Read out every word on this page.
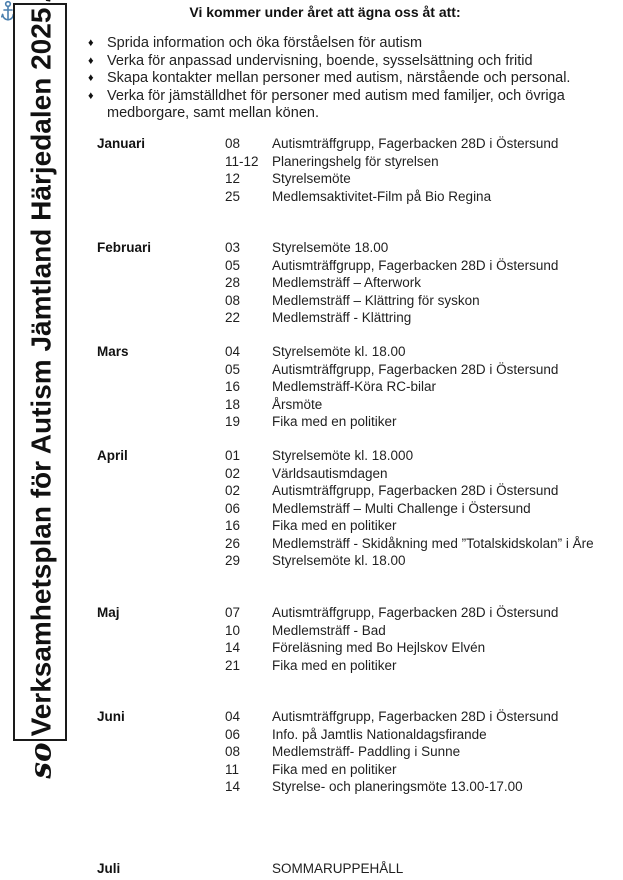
soVerksamhetsplan för Autism Jämtland Härjedalen 2025	Vi kommer under året att ägna oss åt att:
♦ Sprida information och öka förståelsen för autism
♦ Verka för anpassad undervisning, boende, sysselsättning och fritid
♦ Skapa kontakter mellan personer med autism, närstående och personal.
♦ Verka för jämställdhet för personer med autism med familjer, och övriga medborgare, samt mellan könen.
Januari	08	Autismträffgrupp, Fagerbacken 28D i Östersund
11-12 Planeringshelg för styrelsen
12	Styrelsemöte
25	Medlemsaktivitet-Film på Bio Regina
Februari	03	Styrelsemöte 18.00
05	Autismträffgrupp, Fagerbacken 28D i Östersund
28	Medlemsträff – Afterwork
08	Medlemsträff – Klättring för syskon
22	Medlemsträff - Klättring
Mars	04	Styrelsemöte kl. 18.00
05	Autismträffgrupp, Fagerbacken 28D i Östersund
16	Medlemsträff-Köra RC-bilar
18	Årsmöte
19	Fika med en politiker
April	01	Styrelsemöte kl. 18.000
02	Världsautismdagen
02	Autismträffgrupp, Fagerbacken 28D i Östersund
06	Medlemsträff – Multi Challenge i Östersund
16	Fika med en politiker
26	Medlemsträff - Skidåkning med ”Totalskidskolan” i Åre
29	Styrelsemöte kl. 18.00
Maj	07	Autismträffgrupp, Fagerbacken 28D i Östersund
10	Medlemsträff - Bad
14	Föreläsning med Bo Hejlskov Elvén
21	Fika med en politiker
Juni	04	Autismträffgrupp, Fagerbacken 28D i Östersund
06	Info. på Jamtlis Nationaldagsfirande
08	Medlemsträff- Paddling i Sunne
11	Fika med en politiker
14	Styrelse- och planeringsmöte 13.00-17.00
Juli	SOMMARUPPEHÅLL
